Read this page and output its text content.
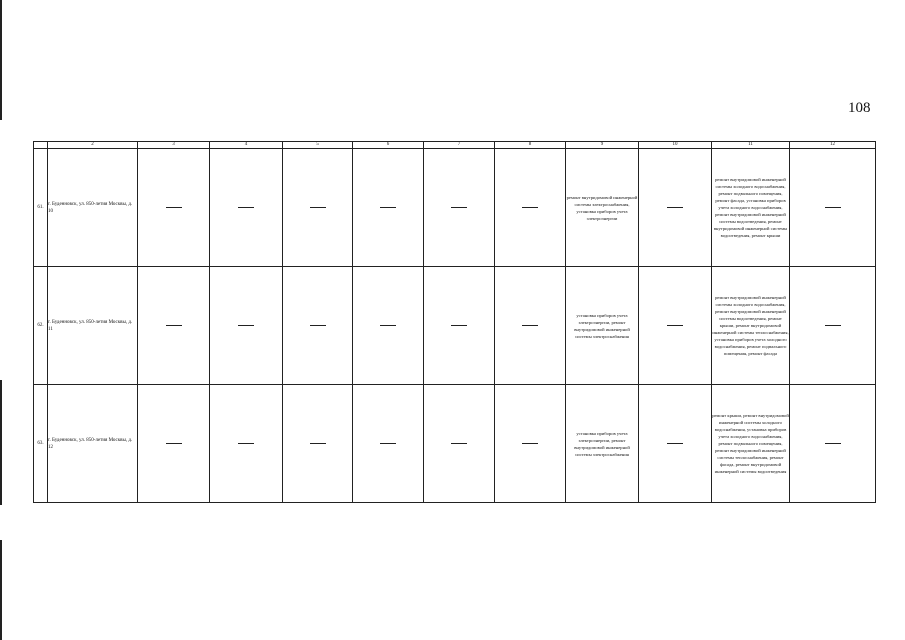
108
	2	3	4	5	6	7	8	9	10	11	12
61.	г. Буденновск, ул. 850-летия Москвы, д. 10							ремонт внутридомовой инженерной системы электроснабжения, установка приборов учета электроэнергии		ремонт внутридомовой инженерной системы холодного водоснабжения, ремонт подвального помещения, ремонт фасада, установка приборов учета холодного водоснабжения, ремонт внутридомовой инженерной системы водоотведения, ремонт внутридомовой инженерной системы водоотведения, ремонт крыши	
62.	г. Буденновск, ул. 850-летия Москвы, д. 11							установка приборов учета электроэнергии, ремонт внутридомовой инженерной системы электроснабжения		ремонт внутридомовой инженерной системы холодного водоснабжения, ремонт внутридомовой инженерной системы водоотведения, ремонт крыши, ремонт внутридомовой инженерной системы теплоснабжения, установка приборов учета холодного водоснабжения, ремонт подвального помещения, ремонт фасада	
63.	г. Буденновск, ул. 850-летия Москвы, д. 12							установка приборов учета электроэнергии, ремонт внутридомовой инженерной системы электроснабжения		ремонт крыши, ремонт внутридомовой инженерной системы холодного водоснабжения, установка приборов учета холодного водоснабжения, ремонт подвального помещения, ремонт внутридомовой инженерной системы теплоснабжения, ремонт фасада, ремонт внутридомовой инженерной системы водоотведения	
